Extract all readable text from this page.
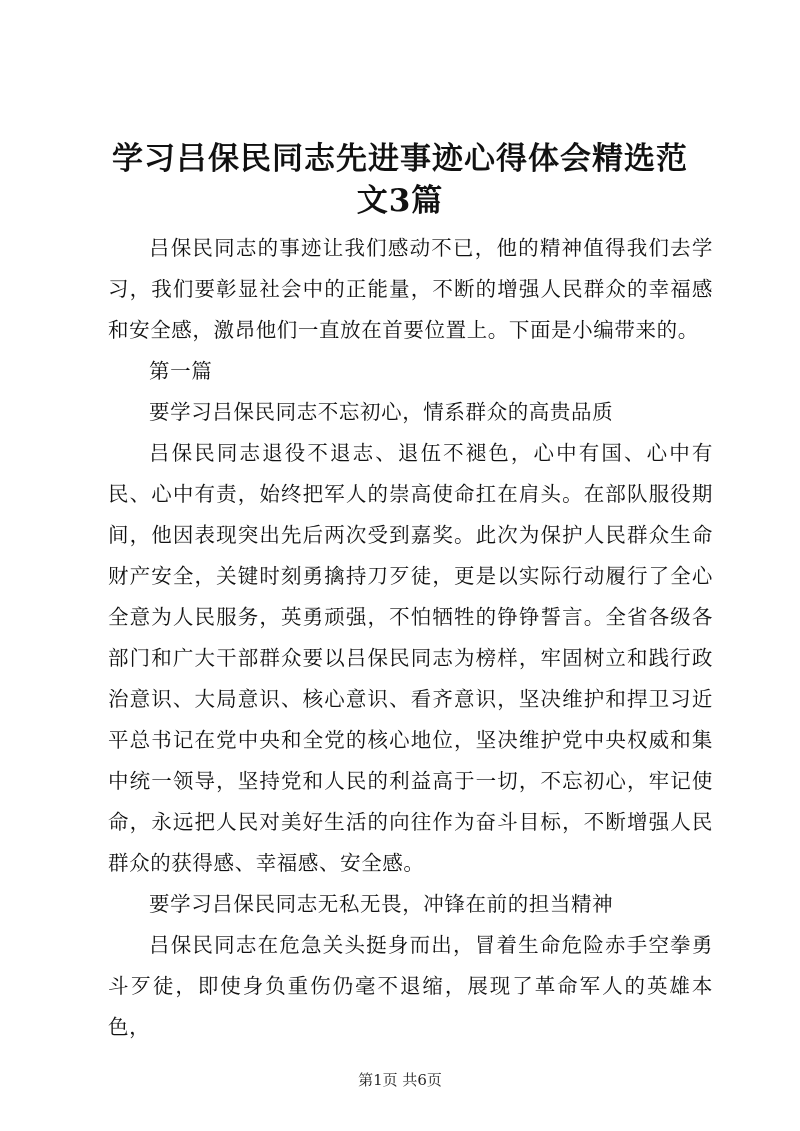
学习吕保民同志先进事迹心得体会精选范文3篇

吕保民同志的事迹让我们感动不已，他的精神值得我们去学习，我们要彰显社会中的正能量，不断的增强人民群众的幸福感和安全感，激昂他们一直放在首要位置上。下面是小编带来的。

第一篇

要学习吕保民同志不忘初心，情系群众的高贵品质

吕保民同志退役不退志、退伍不褪色，心中有国、心中有民、心中有责，始终把军人的崇高使命扛在肩头。在部队服役期间，他因表现突出先后两次受到嘉奖。此次为保护人民群众生命财产安全，关键时刻勇擒持刀歹徒，更是以实际行动履行了全心全意为人民服务，英勇顽强，不怕牺牲的铮铮誓言。全省各级各部门和广大干部群众要以吕保民同志为榜样，牢固树立和践行政治意识、大局意识、核心意识、看齐意识，坚决维护和捍卫习近平总书记在党中央和全党的核心地位，坚决维护党中央权威和集中统一领导，坚持党和人民的利益高于一切，不忘初心，牢记使命，永远把人民对美好生活的向往作为奋斗目标，不断增强人民群众的获得感、幸福感、安全感。

要学习吕保民同志无私无畏，冲锋在前的担当精神

吕保民同志在危急关头挺身而出，冒着生命危险赤手空拳勇斗歹徒，即使身负重伤仍毫不退缩，展现了革命军人的英雄本色，

第1页 共6页
